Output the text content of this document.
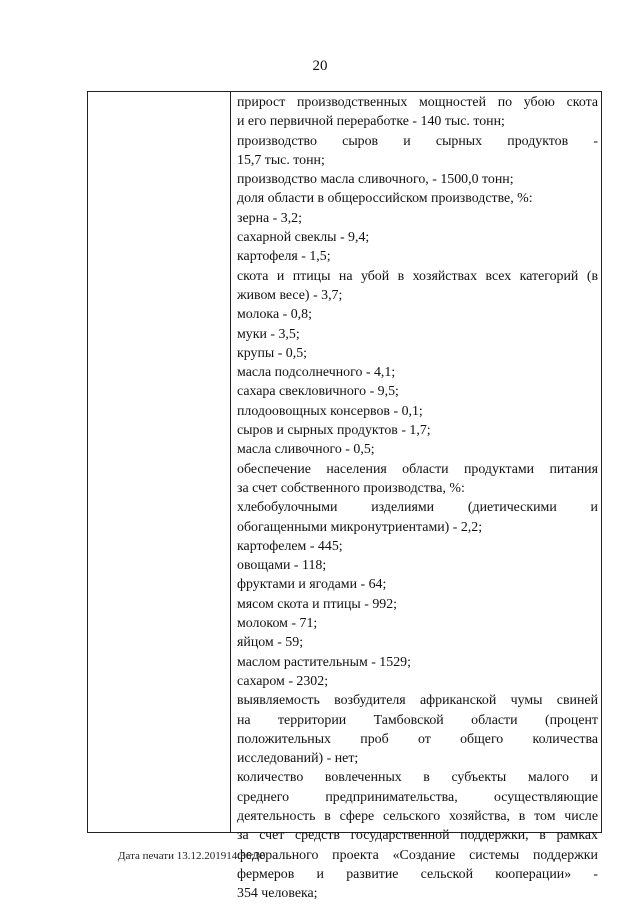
20
прирост производственных мощностей по убою скота
и его первичной переработке - 140 тыс. тонн;
производство сыров и сырных продуктов -
15,7 тыс. тонн;
производство масла сливочного, - 1500,0 тонн;
доля области в общероссийском производстве, %:
зерна - 3,2;
сахарной свеклы - 9,4;
картофеля - 1,5;
скота и птицы на убой в хозяйствах всех категорий (в
живом весе) - 3,7;
молока - 0,8;
муки - 3,5;
крупы - 0,5;
масла подсолнечного - 4,1;
сахара свекловичного - 9,5;
плодоовощных консервов - 0,1;
сыров и сырных продуктов - 1,7;
масла сливочного - 0,5;
обеспечение населения области продуктами питания
за счет собственного производства, %:
хлебобулочными изделиями (диетическими и
обогащенными микронутриентами) - 2,2;
картофелем - 445;
овощами - 118;
фруктами и ягодами - 64;
мясом скота и птицы - 992;
молоком - 71;
яйцом - 59;
маслом растительным - 1529;
сахаром - 2302;
выявляемость возбудителя африканской чумы свиней
на территории Тамбовской области (процент
положительных проб от общего количества
исследований) - нет;
количество вовлеченных в субъекты малого и
среднего предпринимательства, осуществляющие
деятельность в сфере сельского хозяйства, в том числе
за счет средств государственной поддержки, в рамках
федерального проекта «Создание системы поддержки
фермеров и развитие сельской кооперации» -
354 человека;
Дата печати 13.12.201914:36:30
